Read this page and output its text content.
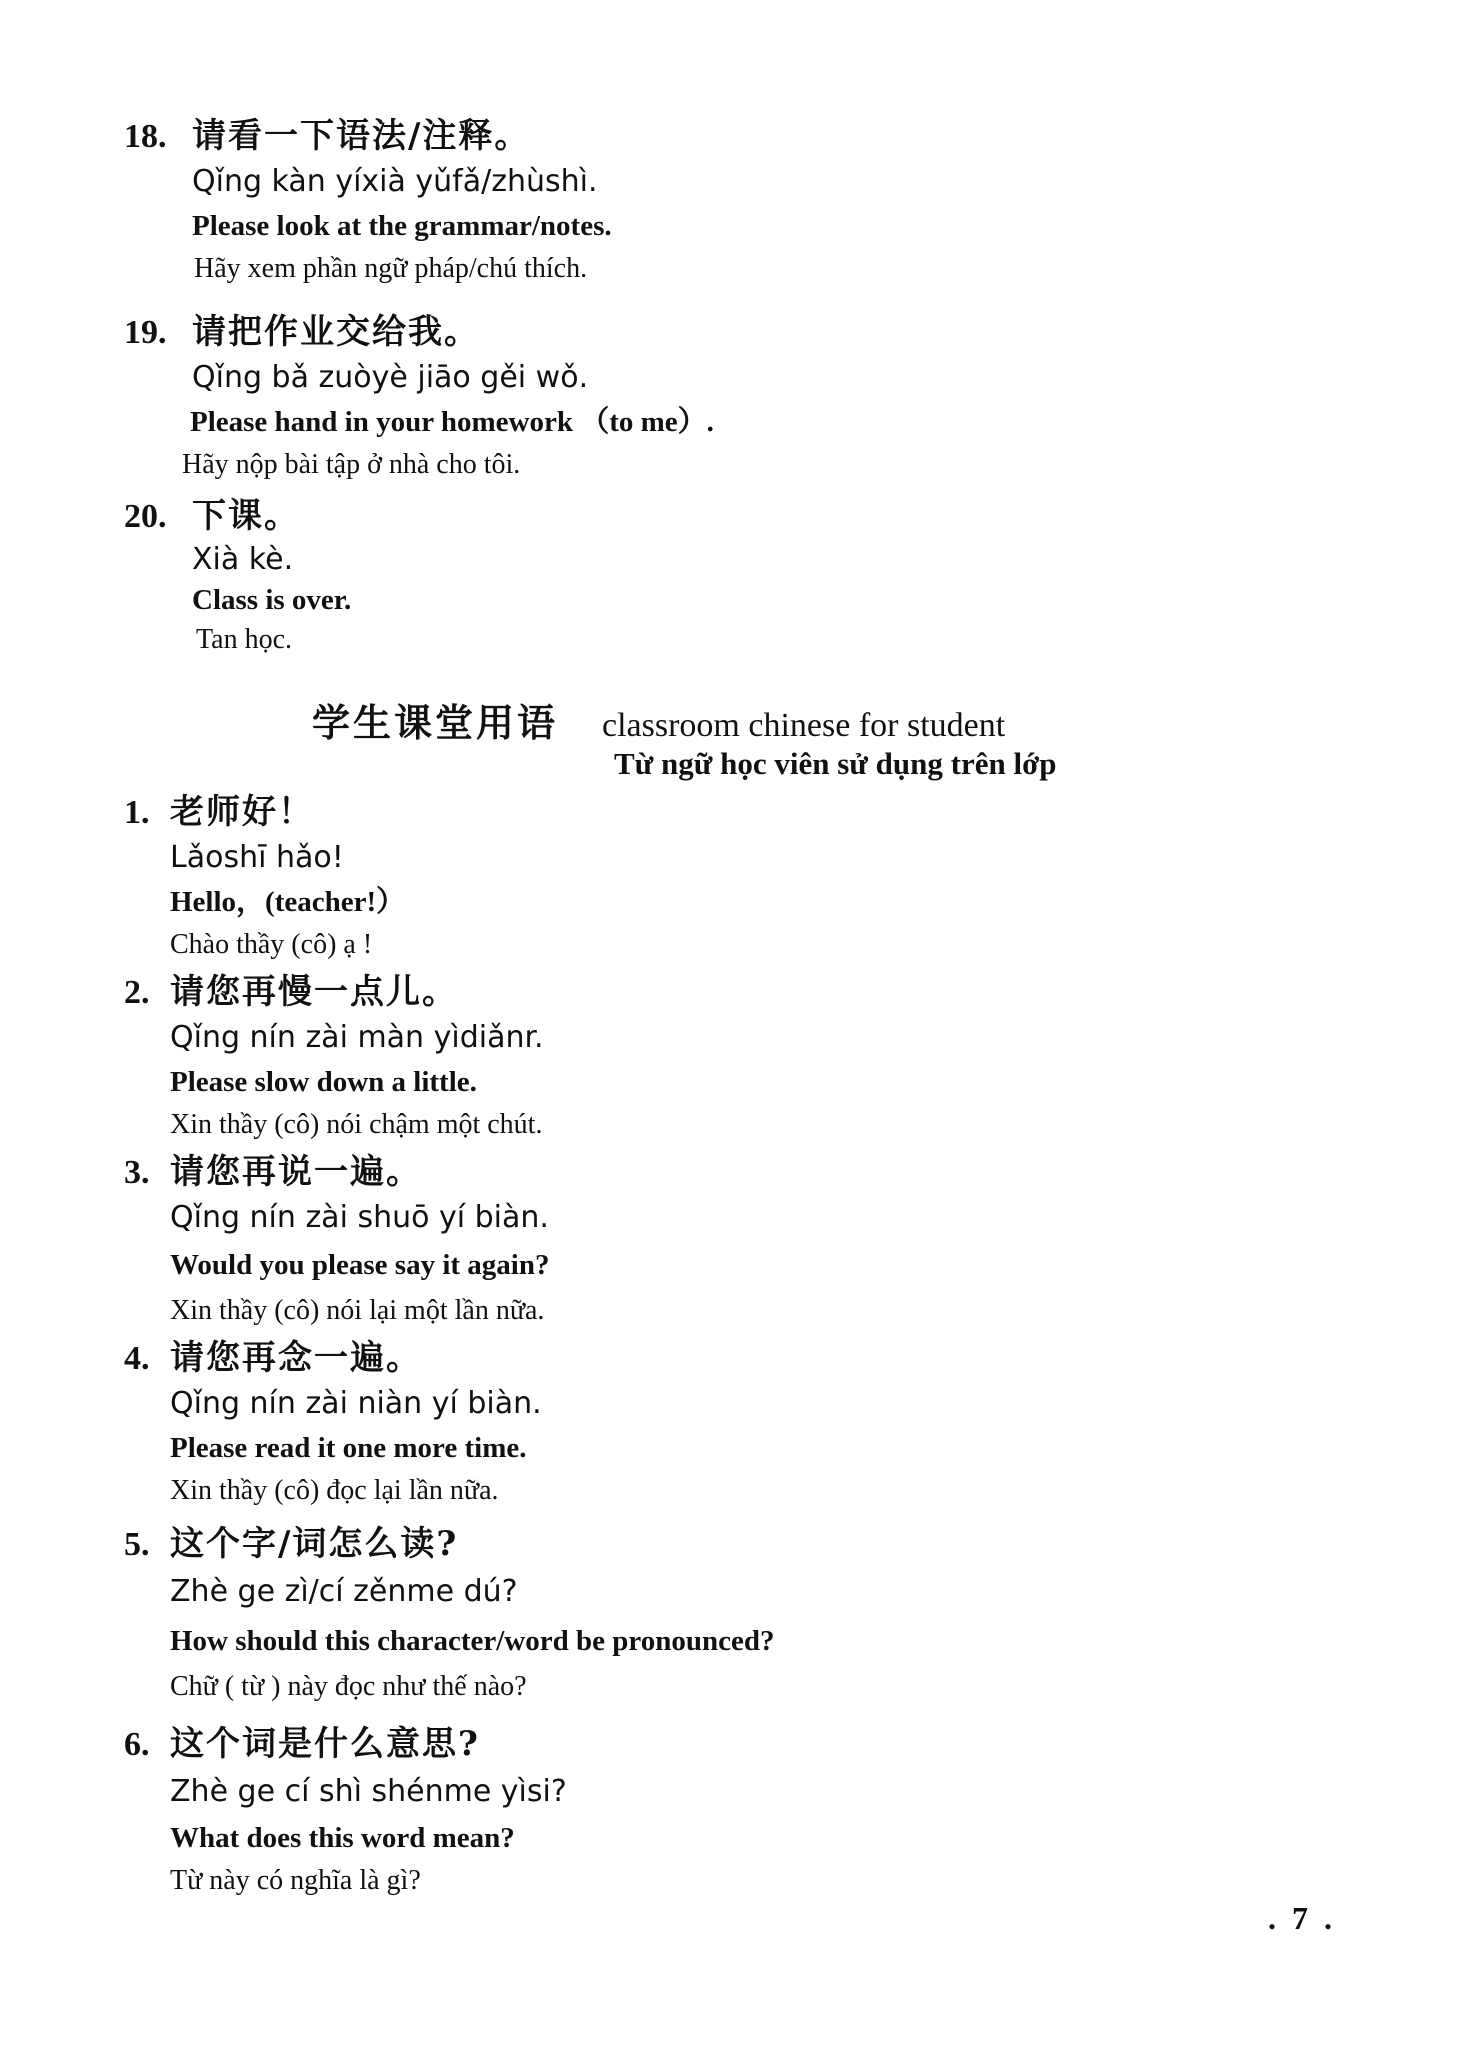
18. 请看一下语法/注释。
Qǐng kàn yíxià yǔfǎ/zhùshì.
Please look at the grammar/notes.
Hãy xem phần ngữ pháp/chú thích.
19. 请把作业交给我。
Qǐng bǎ zuòyè jiāo gěi wǒ.
Please hand in your homework （to me）.
Hãy nộp bài tập ở nhà cho tôi.
20. 下课。
Xià kè.
Class is over.
Tan học.
学生课堂用语 classroom chinese for student
Từ ngữ học viên sử dụng trên lớp
1. 老师好！
Lǎoshī hǎo!
Hello，(teacher!）
Chào thầy (cô) ạ !
2. 请您再慢一点儿。
Qǐng nín zài màn yìdiǎnr.
Please slow down a little.
Xin thầy (cô) nói chậm một chút.
3. 请您再说一遍。
Qǐng nín zài shuō yí biàn.
Would you please say it again?
Xin thầy (cô) nói lại một lần nữa.
4. 请您再念一遍。
Qǐng nín zài niàn yí biàn.
Please read it one more time.
Xin thầy (cô) đọc lại lần nữa.
5. 这个字/词怎么读?
Zhè ge zì/cí zěnme dú?
How should this character/word be pronounced?
Chữ ( từ ) này đọc như thế nào?
6. 这个词是什么意思?
Zhè ge cí shì shénme yìsi?
What does this word mean?
Từ này có nghĩa là gì?
. 7 .
